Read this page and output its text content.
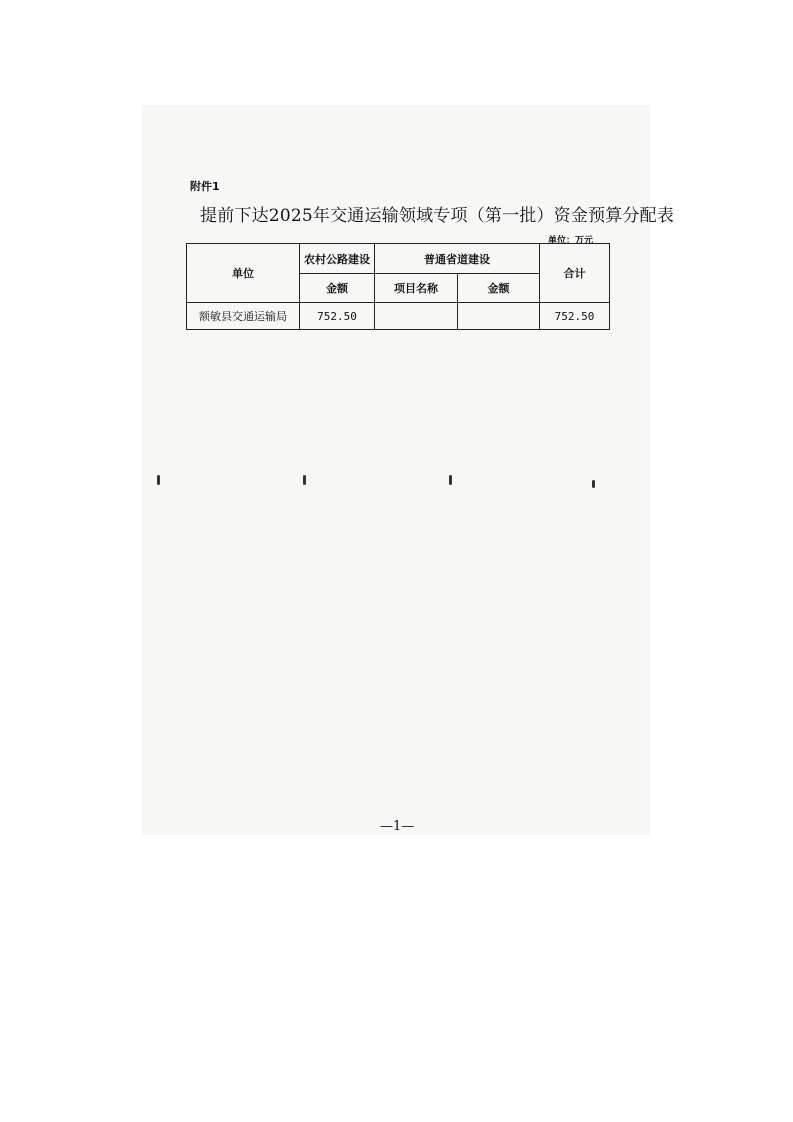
附件1
提前下达2025年交通运输领域专项（第一批）资金预算分配表
单位：万元
单位	农村公路建设	普通省道建设		合计
	金额	项目名称	金额	
额敏县交通运输局	752.50			752.50
—1—
